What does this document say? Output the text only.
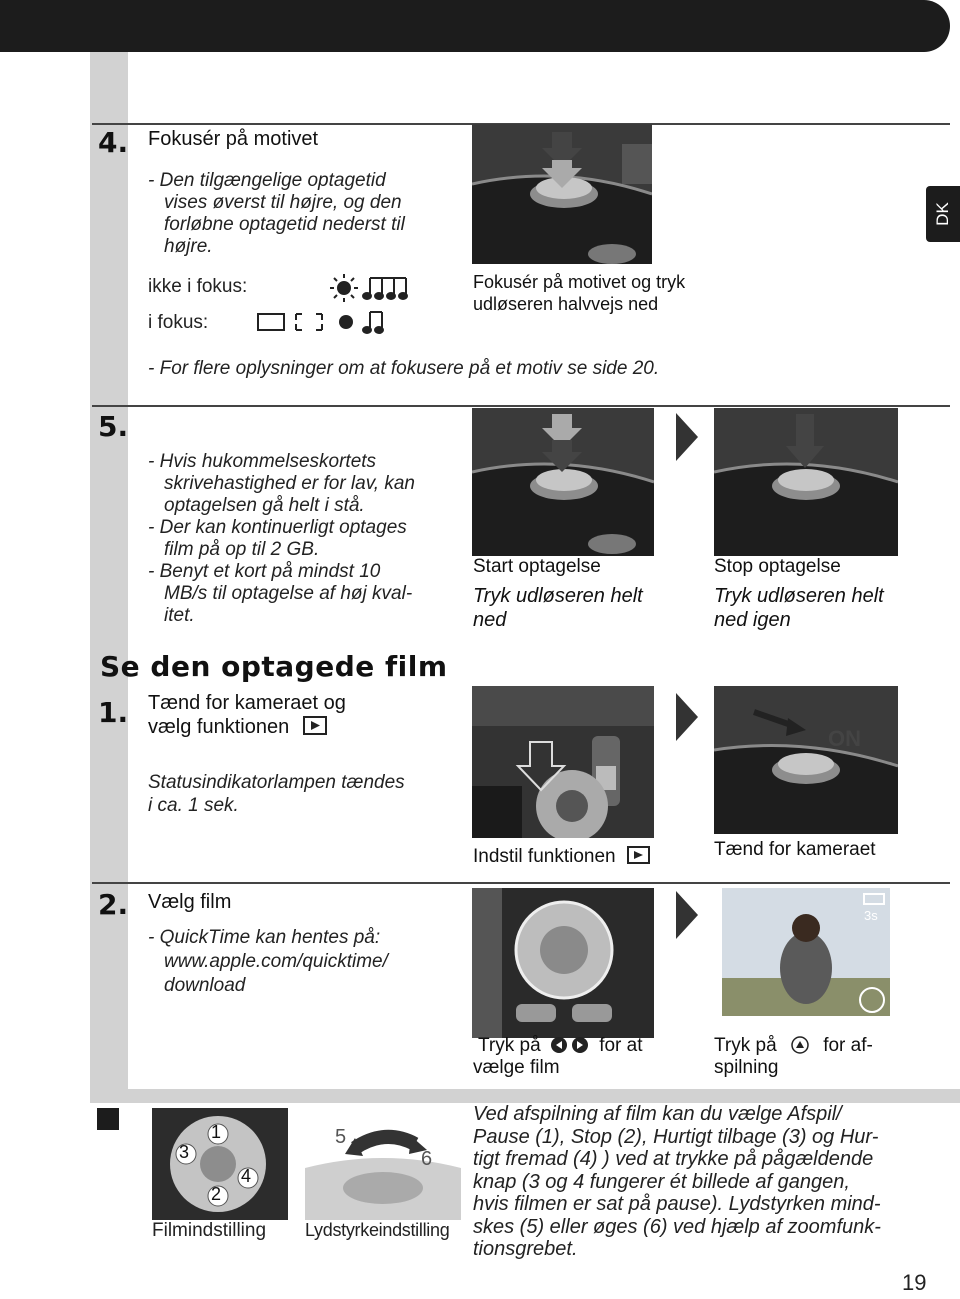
DK
4. Fokusér på motivet
- Den tilgængelige optagetid
vises øverst til højre, og den
forløbne optagetid nederst til
højre.
ikke i fokus:
i fokus:
Fokusér på motivet og tryk
udløseren halvvejs ned
- For flere oplysninger om at fokusere på et motiv se side 20.
5.
- Hvis hukommelseskortets
skrivehastighed er for lav, kan
optagelsen gå helt i stå.
- Der kan kontinuerligt optages
film på op til 2 GB.
- Benyt et kort på mindst 10
MB/s til optagelse af høj kval-
itet.
Start optagelse
Tryk udløseren helt
ned
Stop optagelse
Tryk udløseren helt
ned igen
Se den optagede film
1. Tænd for kameraet og
vælg funktionen
Statusindikatorlampen tændes
i ca. 1 sek.
ON
Indstil funktionen	Tænd for kameraet
2. Vælg film
- QuickTime kan hentes på:
www.apple.com/quicktime/
download
3s
Tryk på	for at
vælge film
Tryk på for af-
spilning
1
2
3
4
5
6
Filmindstilling Lydstyrkeindstilling
Ved afspilning af film kan du vælge Afspil/
Pause (1), Stop (2), Hurtigt tilbage (3) og Hur-
tigt fremad (4) ) ved at trykke på pågældende
knap (3 og 4 fungerer ét billede af gangen,
hvis filmen er sat på pause). Lydstyrken mind-
skes (5) eller øges (6) ved hjælp af zoomfunk-
tionsgrebet.
19
